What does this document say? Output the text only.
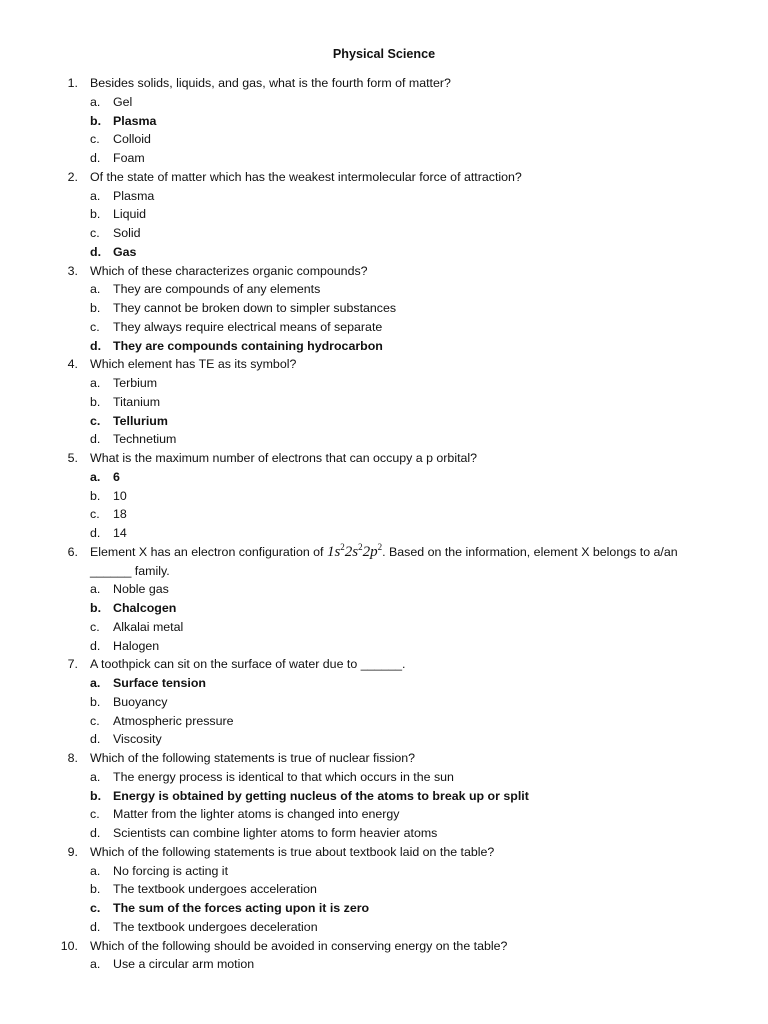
Physical Science
1. Besides solids, liquids, and gas, what is the fourth form of matter?
a. Gel
b. Plasma
c. Colloid
d. Foam
2. Of the state of matter which has the weakest intermolecular force of attraction?
a. Plasma
b. Liquid
c. Solid
d. Gas
3. Which of these characterizes organic compounds?
a. They are compounds of any elements
b. They cannot be broken down to simpler substances
c. They always require electrical means of separate
d. They are compounds containing hydrocarbon
4. Which element has TE as its symbol?
a. Terbium
b. Titanium
c. Tellurium
d. Technetium
5. What is the maximum number of electrons that can occupy a p orbital?
a. 6
b. 10
c. 18
d. 14
6. Element X has an electron configuration of $1s^22s^22p^2$. Based on the information, element X belongs to a/an
______ family.
a. Noble gas
b. Chalcogen
c. Alkalai metal
d. Halogen
7. A toothpick can sit on the surface of water due to ______.
a. Surface tension
b. Buoyancy
c. Atmospheric pressure
d. Viscosity
8. Which of the following statements is true of nuclear fission?
a. The energy process is identical to that which occurs in the sun
b. Energy is obtained by getting nucleus of the atoms to break up or split
c. Matter from the lighter atoms is changed into energy
d. Scientists can combine lighter atoms to form heavier atoms
9. Which of the following statements is true about textbook laid on the table?
a. No forcing is acting it
b. The textbook undergoes acceleration
c. The sum of the forces acting upon it is zero
d. The textbook undergoes deceleration
10. Which of the following should be avoided in conserving energy on the table?
a. Use a circular arm motion
